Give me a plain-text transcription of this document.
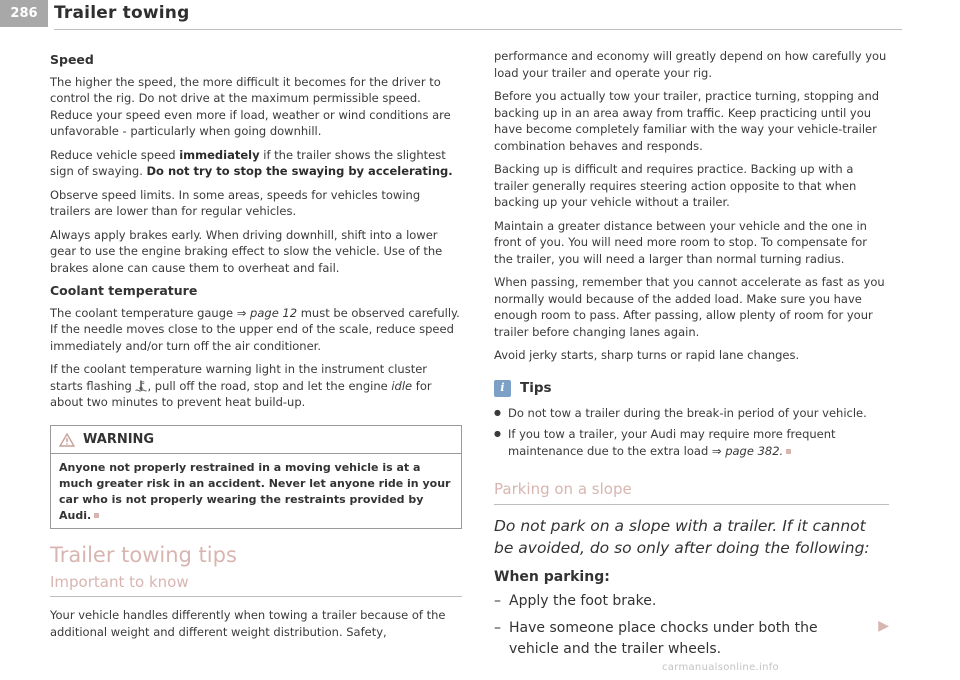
286 Trailer towing
Speed

The higher the speed, the more difficult it becomes for the driver to control the rig. Do not drive at the maximum permissible speed. Reduce your speed even more if load, weather or wind conditions are unfavorable - particularly when going downhill.

Reduce vehicle speed immediately if the trailer shows the slightest sign of swaying. Do not try to stop the swaying by accelerating.

Observe speed limits. In some areas, speeds for vehicles towing trailers are lower than for regular vehicles.

Always apply brakes early. When driving downhill, shift into a lower gear to use the engine braking effect to slow the vehicle. Use of the brakes alone can cause them to overheat and fail.

Coolant temperature

The coolant temperature gauge ⇒ page 12 must be observed carefully. If the needle moves close to the upper end of the scale, reduce speed immediately and/or turn off the air conditioner.

If the coolant temperature warning light in the instrument cluster starts flashing , pull off the road, stop and let the engine idle for about two minutes to prevent heat build-up.

WARNING
Anyone not properly restrained in a moving vehicle is at a much greater risk in an accident. Never let anyone ride in your car who is not properly wearing the restraints provided by Audi.
Trailer towing tips
Important to know

Your vehicle handles differently when towing a trailer because of the additional weight and different weight distribution. Safety,

performance and economy will greatly depend on how carefully you load your trailer and operate your rig.

Before you actually tow your trailer, practice turning, stopping and backing up in an area away from traffic. Keep practicing until you have become completely familiar with the way your vehicle-trailer combination behaves and responds.

Backing up is difficult and requires practice. Backing up with a trailer generally requires steering action opposite to that when backing up your vehicle without a trailer.

Maintain a greater distance between your vehicle and the one in front of you. You will need more room to stop. To compensate for the trailer, you will need a larger than normal turning radius.

When passing, remember that you cannot accelerate as fast as you normally would because of the added load. Make sure you have enough room to pass. After passing, allow plenty of room for your trailer before changing lanes again.

Avoid jerky starts, sharp turns or rapid lane changes.

i	Tips
● Do not tow a trailer during the break-in period of your vehicle.
● If you tow a trailer, your Audi may require more frequent maintenance due to the extra load ⇒ page 382.
Parking on a slope
Do not park on a slope with a trailer. If it cannot be avoided, do so only after doing the following:
When parking:
– Apply the foot brake.
– Have someone place chocks under both the vehicle and the trailer wheels.
▶
carmanualsonline.info
